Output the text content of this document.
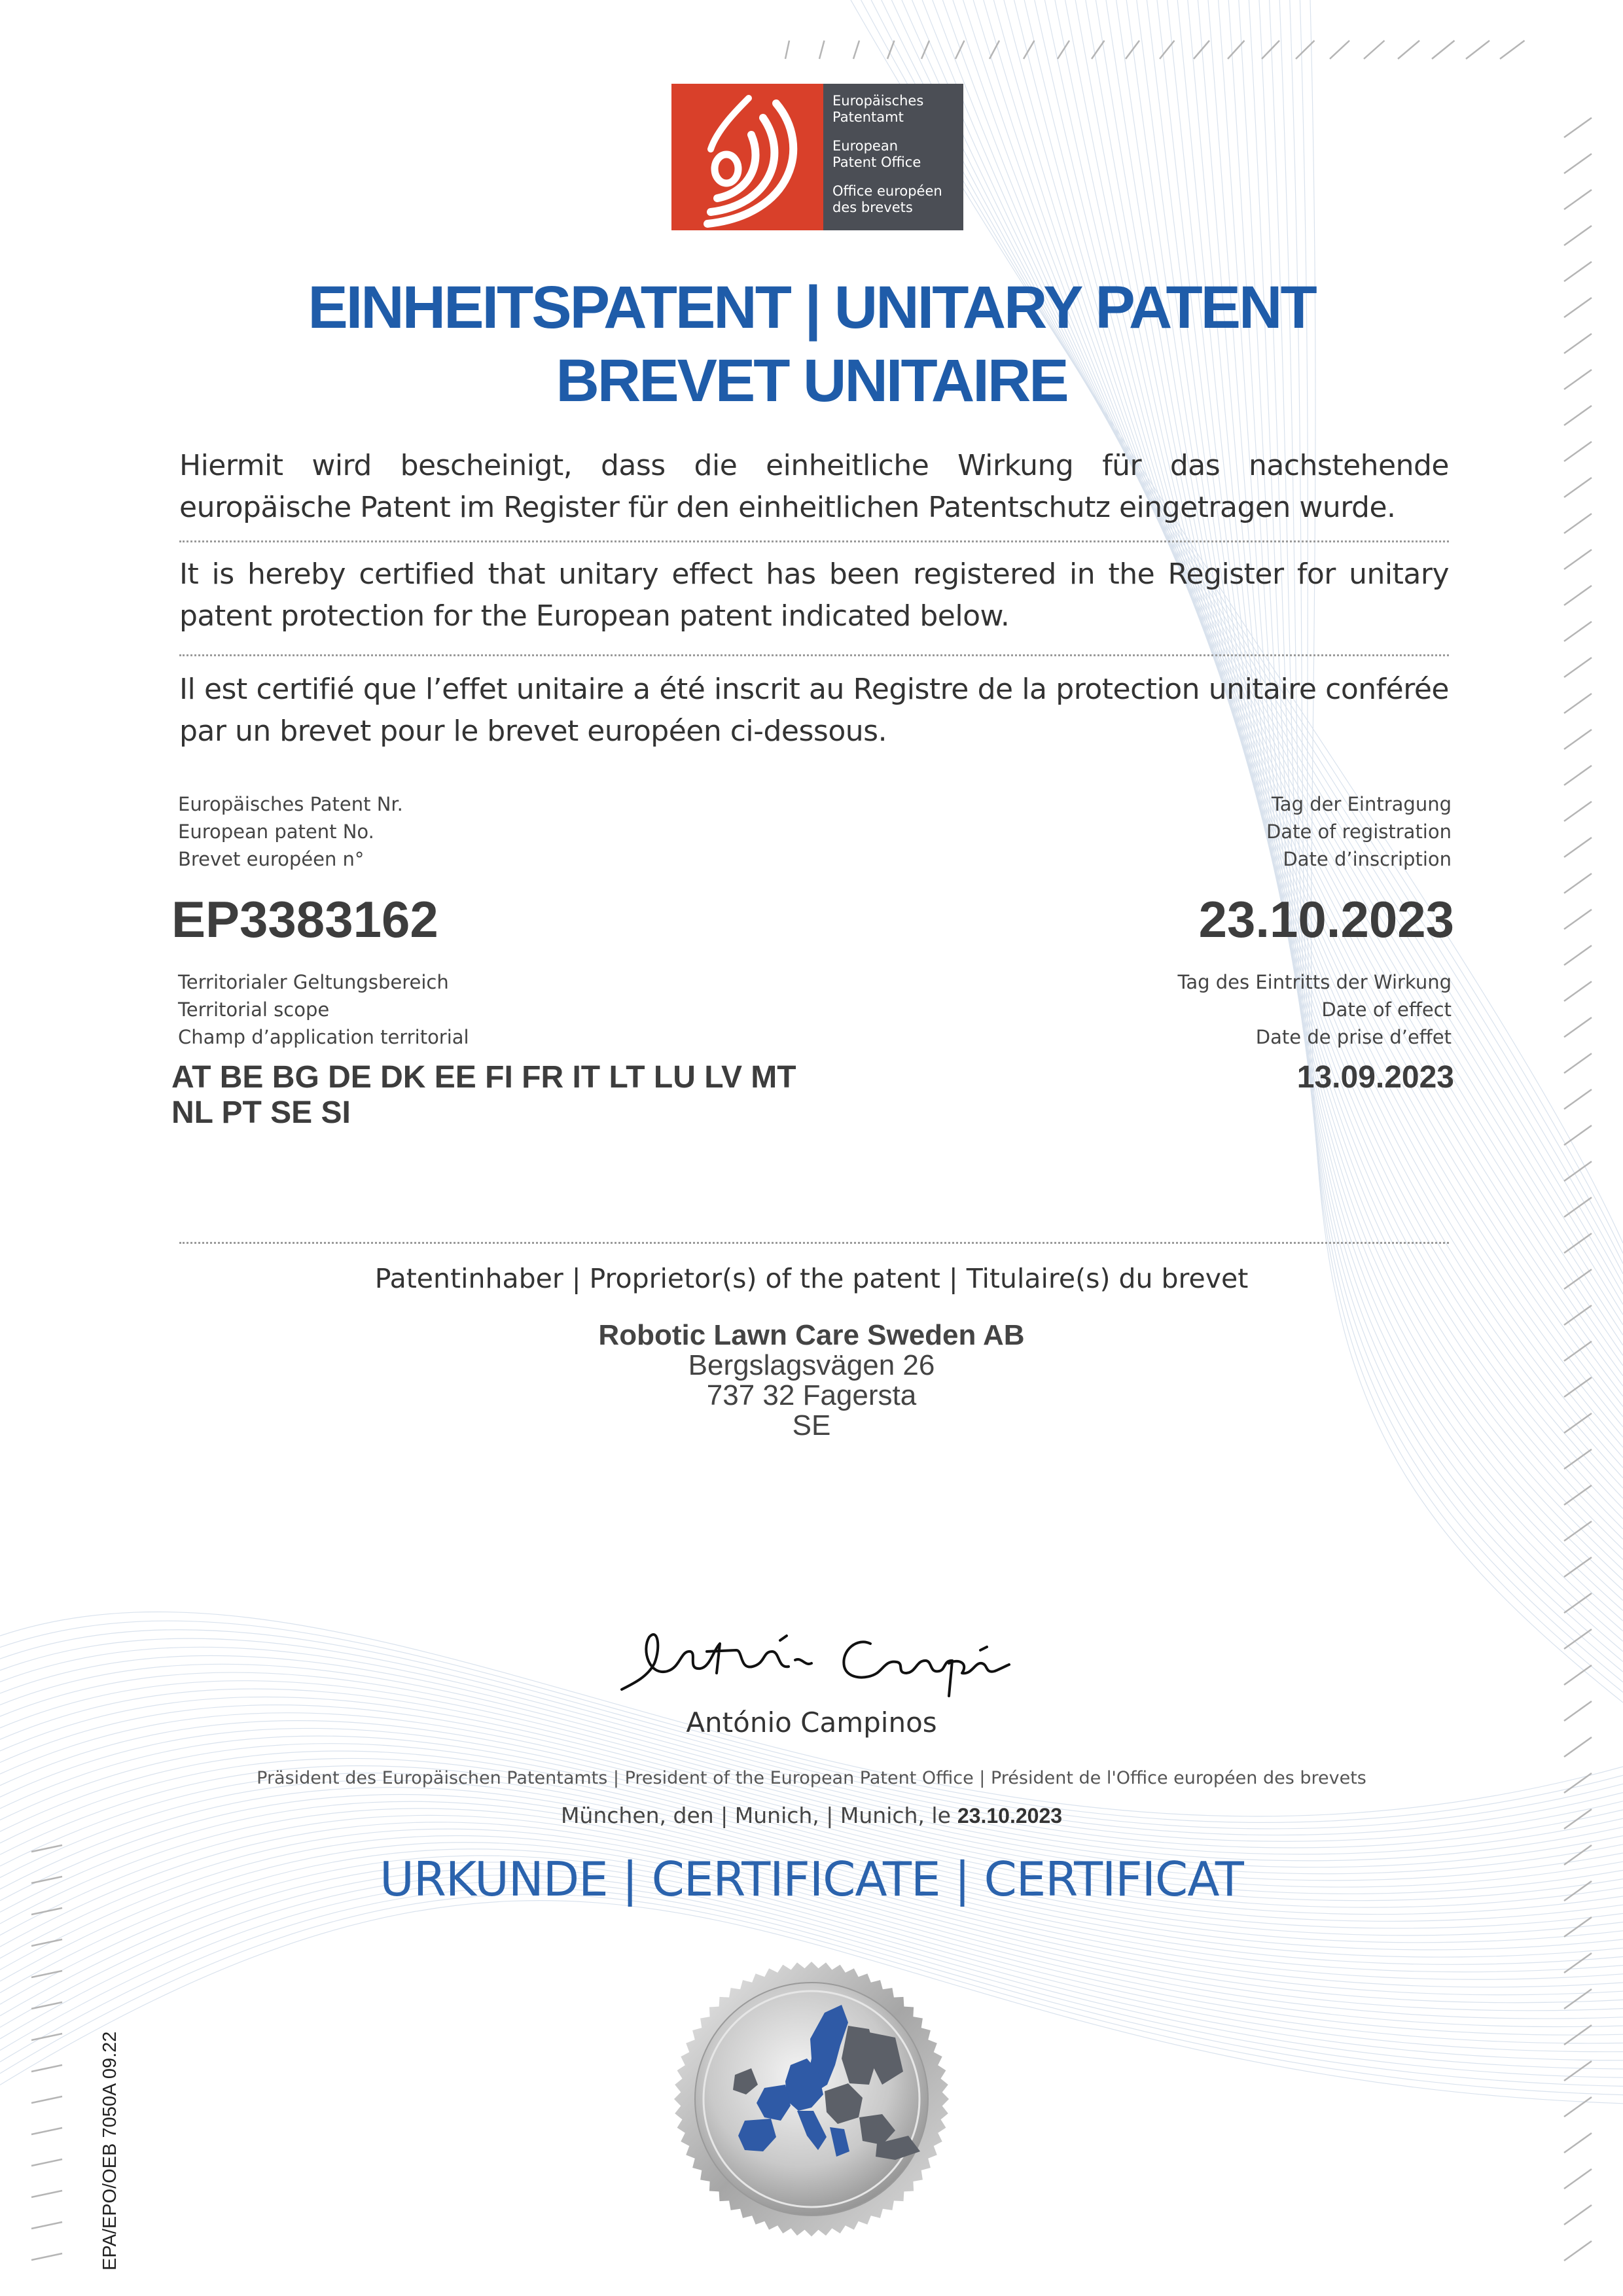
Europäisches
Patentamt
European
Patent Office
Office européen
des brevets
EINHEITSPATENT | UNITARY PATENT
BREVET UNITAIRE
Hiermit wird bescheinigt, dass die einheitliche Wirkung für das nachstehende europäische Patent im Register für den einheitlichen Patentschutz eingetragen wurde.
It is hereby certified that unitary effect has been registered in the Register for unitary patent protection for the European patent indicated below.
Il est certifié que l’effet unitaire a été inscrit au Registre de la protection unitaire conférée par un brevet pour le brevet européen ci-dessous.
Europäisches Patent Nr.
European patent No.
Brevet européen n°
EP3383162
Tag der Eintragung
Date of registration
Date d’inscription
23.10.2023
Territorialer Geltungsbereich
Territorial scope
Champ d’application territorial
AT BE BG DE DK EE FI FR IT LT LU LV MT
NL PT SE SI
Tag des Eintritts der Wirkung
Date of effect
Date de prise d’effet
13.09.2023
Patentinhaber | Proprietor(s) of the patent | Titulaire(s) du brevet
Robotic Lawn Care Sweden AB
Bergslagsvägen 26
737 32 Fagersta
SE
António Campinos
Präsident des Europäischen Patentamts | President of the European Patent Office | Président de l'Office européen des brevets
München, den | Munich, | Munich, le 23.10.2023
URKUNDE | CERTIFICATE | CERTIFICAT
EPA/EPO/OEB 7050A 09.22
